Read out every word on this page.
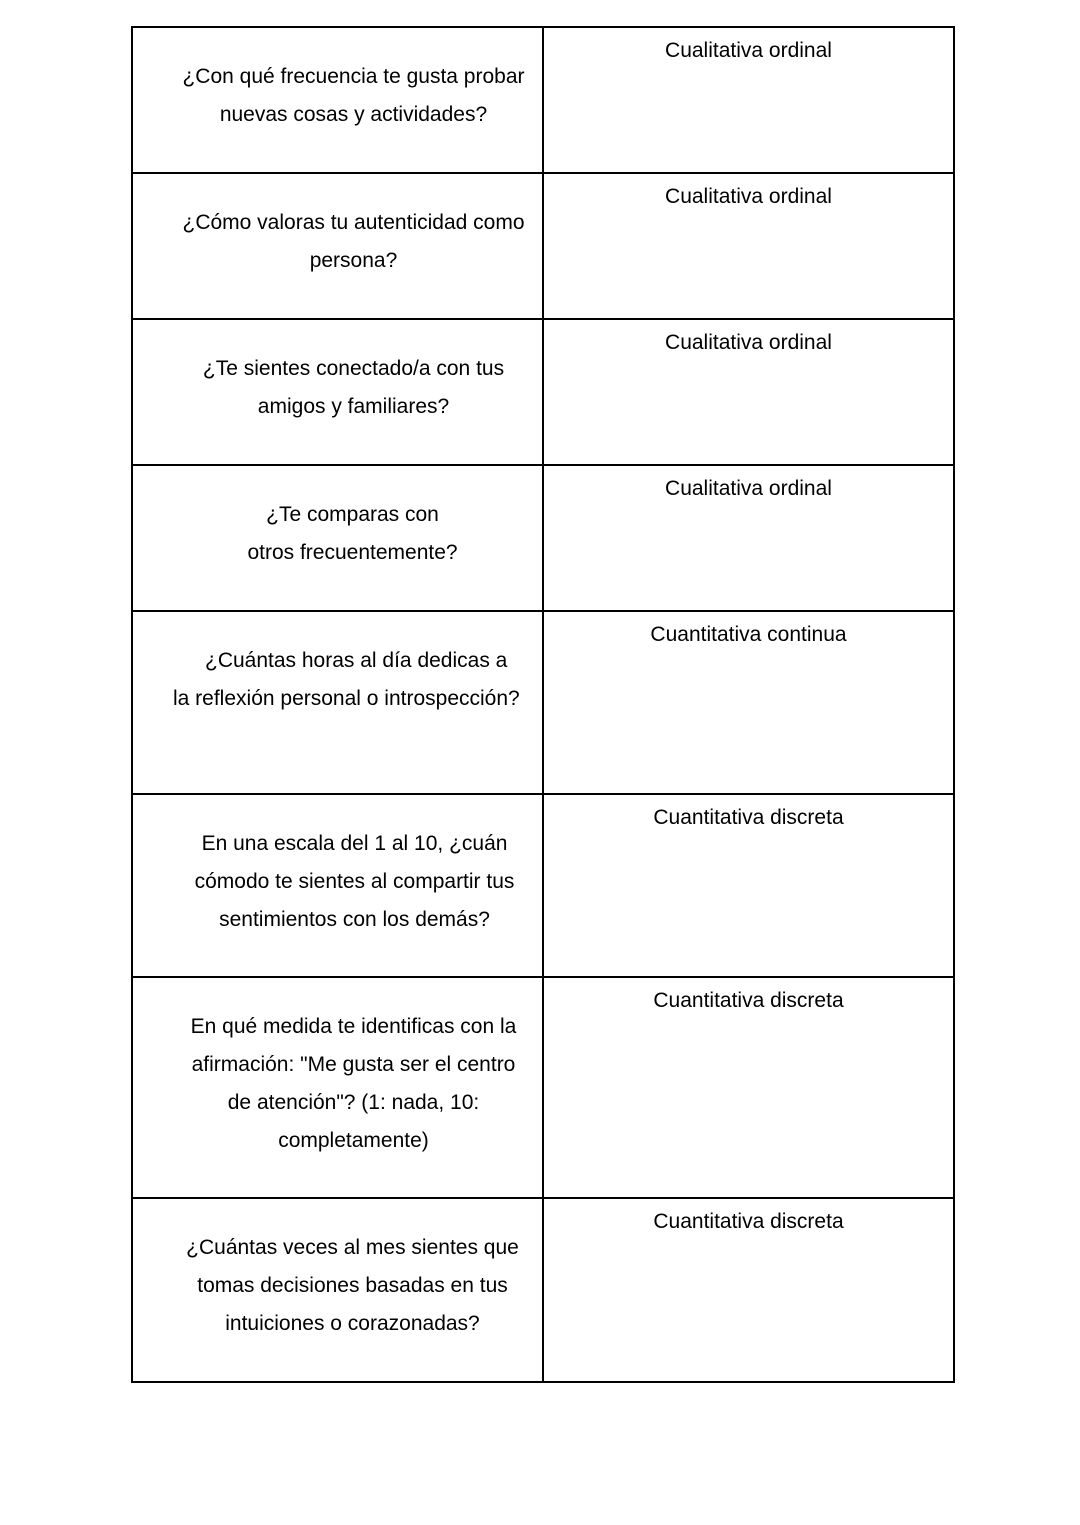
¿Con qué frecuencia te gusta probar nuevas cosas y actividades?	Cualitativa ordinal

¿Cómo valoras tu autenticidad como persona?	Cualitativa ordinal

¿Te sientes conectado/a con tus amigos y familiares?	Cualitativa ordinal

¿Te comparas con otros frecuentemente?	Cualitativa ordinal

¿Cuántas horas al día dedicas a la reflexión personal o introspección?	Cuantitativa continua

En una escala del 1 al 10, ¿cuán cómodo te sientes al compartir tus sentimientos con los demás?	Cuantitativa discreta

En qué medida te identificas con la afirmación: "Me gusta ser el centro de atención"? (1: nada, 10: completamente)	Cuantitativa discreta

¿Cuántas veces al mes sientes que tomas decisiones basadas en tus intuiciones o corazonadas?	Cuantitativa discreta
